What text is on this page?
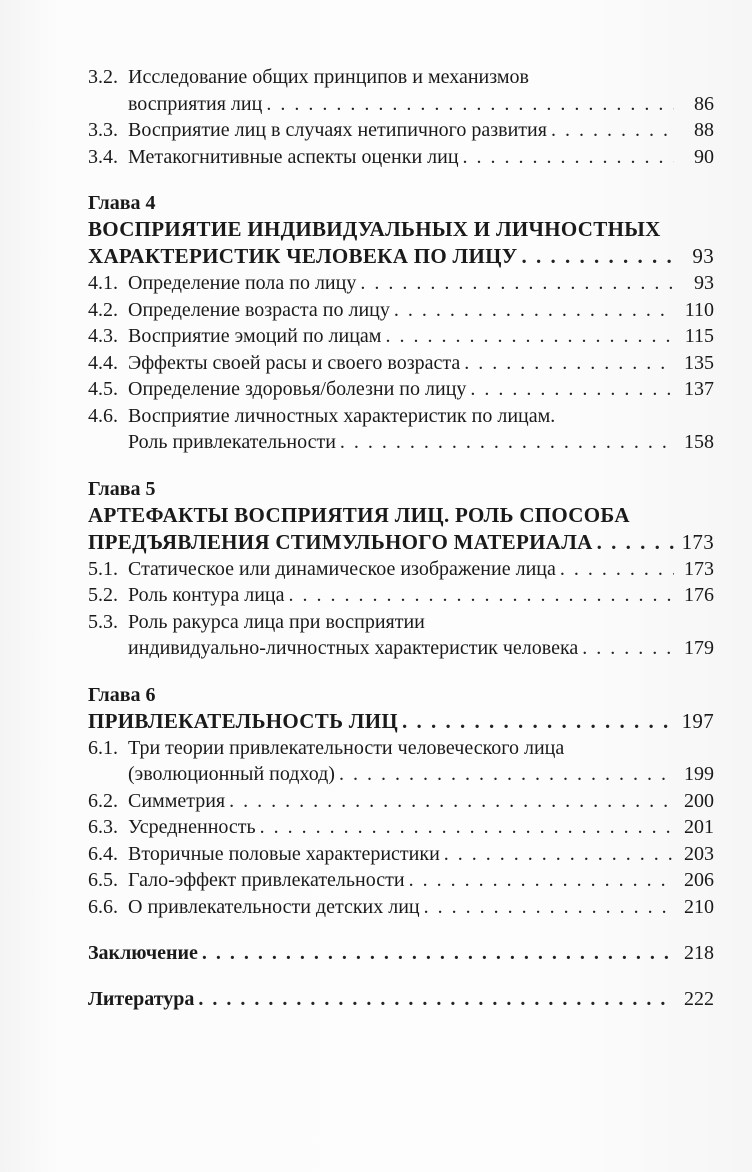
3.2. Исследование общих принципов и механизмов
восприятия лиц . . .	86
3.3. Восприятие лиц в случаях нетипичного развития . . .	88
3.4. Метакогнитивные аспекты оценки лиц . . .	90
Глава 4
ВОСПРИЯТИЕ ИНДИВИДУАЛЬНЫХ И ЛИЧНОСТНЫХ
ХАРАКТЕРИСТИК ЧЕЛОВЕКА ПО ЛИЦУ . . .	93
4.1. Определение пола по лицу . . .	93
4.2. Определение возраста по лицу . . .	110
4.3. Восприятие эмоций по лицам . . .	115
4.4. Эффекты своей расы и своего возраста . . .	135
4.5. Определение здоровья/болезни по лицу . . .	137
4.6. Восприятие личностных характеристик по лицам.
Роль привлекательности . . .	158
Глава 5
АРТЕФАКТЫ ВОСПРИЯТИЯ ЛИЦ. РОЛЬ СПОСОБА
ПРЕДЪЯВЛЕНИЯ СТИМУЛЬНОГО МАТЕРИАЛА . . .	173
5.1. Статическое или динамическое изображение лица . . .	173
5.2. Роль контура лица . . .	176
5.3. Роль ракурса лица при восприятии
индивидуально-личностных характеристик человека . . .	179
Глава 6
ПРИВЛЕКАТЕЛЬНОСТЬ ЛИЦ . . .	197
6.1. Три теории привлекательности человеческого лица
(эволюционный подход) . . .	199
6.2. Симметрия . . .	200
6.3. Усредненность . . .	201
6.4. Вторичные половые характеристики . . .	203
6.5. Гало-эффект привлекательности . . .	206
6.6. О привлекательности детских лиц . . .	210
Заключение . . .	218
Литература . . .	222
